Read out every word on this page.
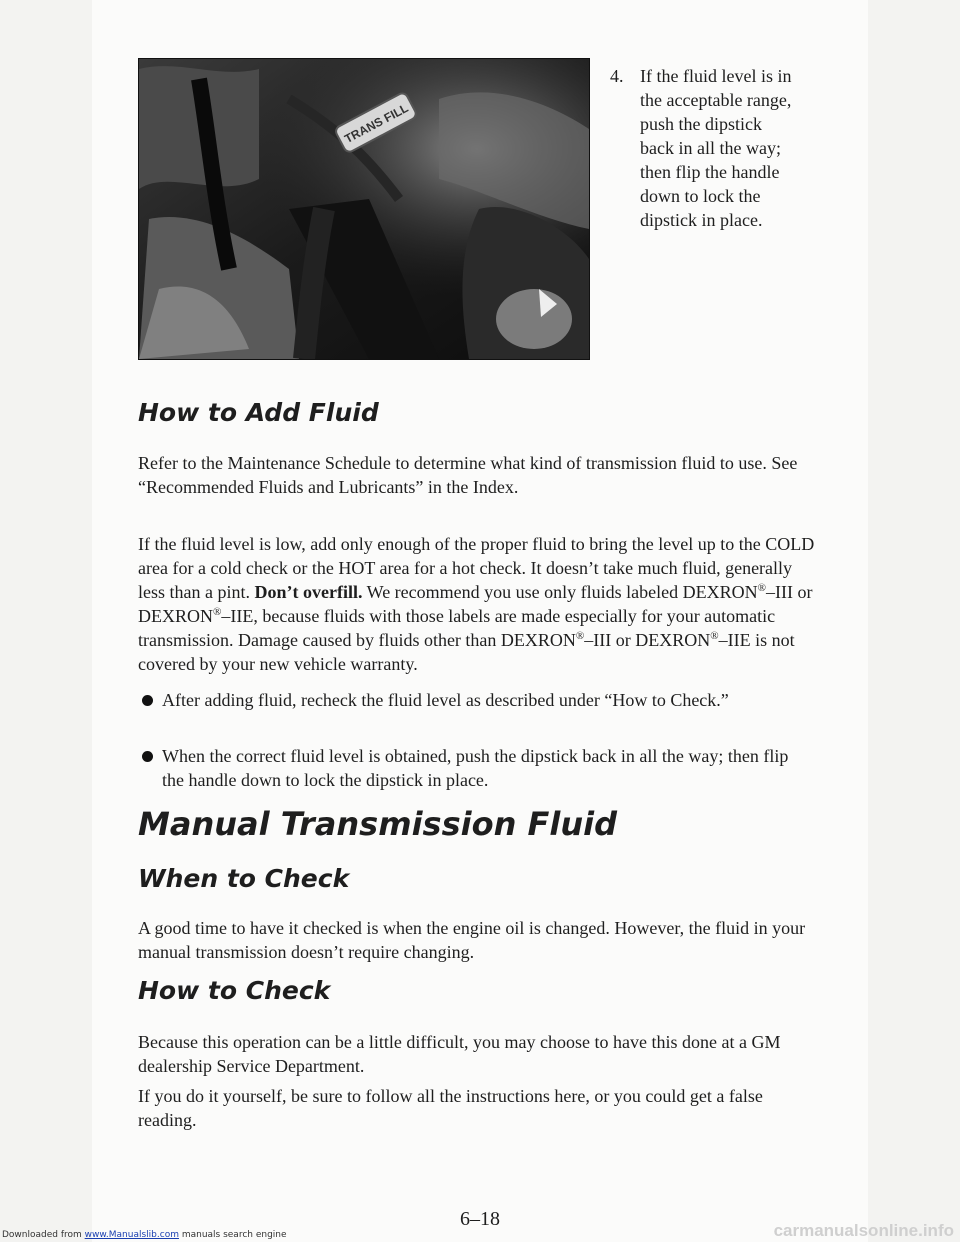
TRANS FILL
4. If the fluid level is in the acceptable range, push the dipstick back in all the way; then flip the handle down to lock the dipstick in place.
How to Add Fluid

Refer to the Maintenance Schedule to determine what kind of transmission fluid to use. See “Recommended Fluids and Lubricants” in the Index.

If the fluid level is low, add only enough of the proper fluid to bring the level up to the COLD area for a cold check or the HOT area for a hot check. It doesn’t take much fluid, generally less than a pint. Don’t overfill. We recommend you use only fluids labeled DEXRON®–III or DEXRON®–IIE, because fluids with those labels are made especially for your automatic transmission. Damage caused by fluids other than DEXRON®–III or DEXRON®–IIE is not covered by your new vehicle warranty.

After adding fluid, recheck the fluid level as described under “How to Check.”
When the correct fluid level is obtained, push the dipstick back in all the way; then flip the handle down to lock the dipstick in place.
Manual Transmission Fluid
When to Check

A good time to have it checked is when the engine oil is changed. However, the fluid in your manual transmission doesn’t require changing.

How to Check

Because this operation can be a little difficult, you may choose to have this done at a GM dealership Service Department.

If you do it yourself, be sure to follow all the instructions here, or you could get a false reading.

6–18
Downloaded from www.Manualslib.com manuals search engine	carmanualsonline.info
